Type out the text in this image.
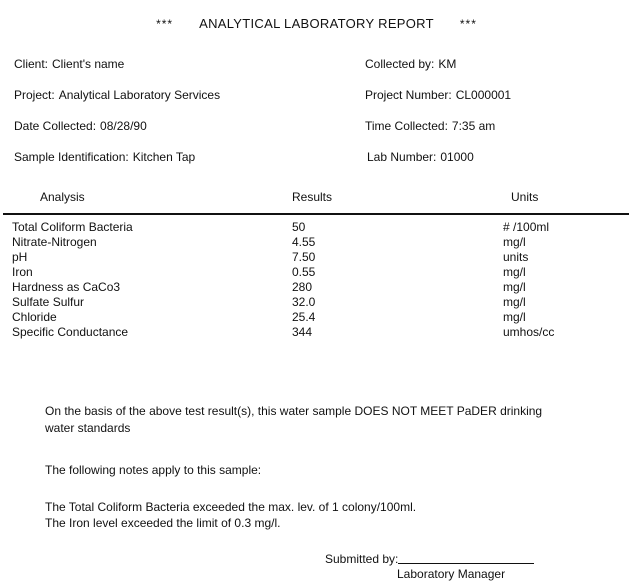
*** ANALYTICAL LABORATORY REPORT ***
Client: Client's name	Collected by: KM
Project: Analytical Laboratory Services	Project Number: CL000001
Date Collected: 08/28/90	Time Collected: 7:35 am
Sample Identification: Kitchen Tap	Lab Number: 01000
Analysis	Results	Units
Total Coliform Bacteria	50	# /100ml
Nitrate-Nitrogen	4.55	mg/l
pH	7.50	units
Iron	0.55	mg/l
Hardness as CaCo3	280	mg/l
Sulfate Sulfur	32.0	mg/l
Chloride	25.4	mg/l
Specific Conductance	344	umhos/cc
On the basis of the above test result(s), this water sample DOES NOT MEET PaDER drinking water standards
The following notes apply to this sample:
The Total Coliform Bacteria exceeded the max. lev. of 1 colony/100ml.
The Iron level exceeded the limit of 0.3 mg/l.
Submitted by:
Laboratory Manager
